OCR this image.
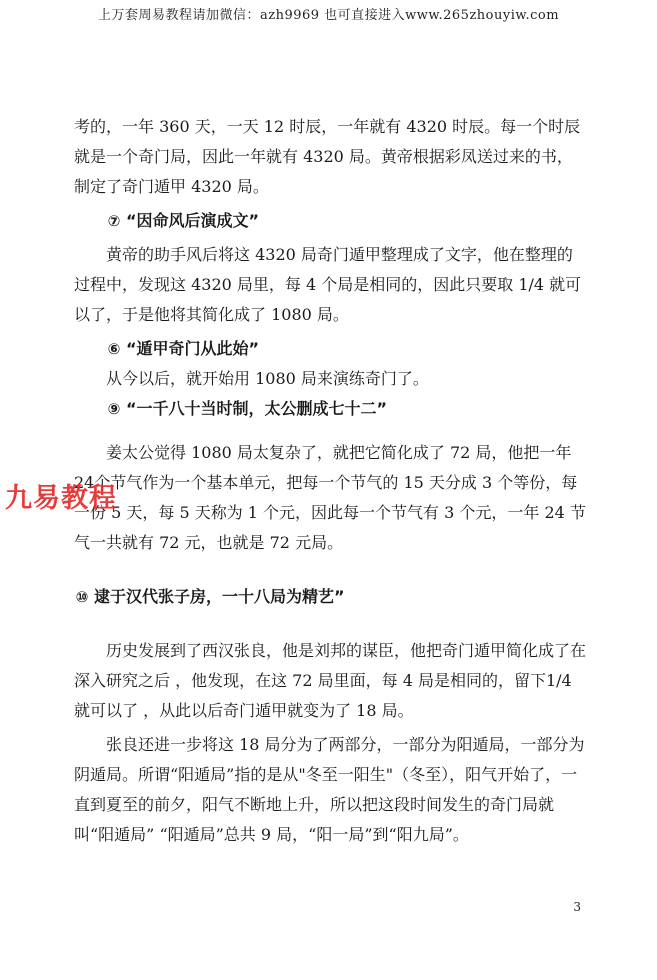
上万套周易教程请加微信：azh9969 也可直接进入www.265zhouyiw.com

考的，一年 360 天，一天 12 时辰，一年就有 4320 时辰。每一个时辰就是一个奇门局，因此一年就有 4320 局。黄帝根据彩凤送过来的书，制定了奇门遁甲 4320 局。

⑦ “因命风后演成文”

黄帝的助手风后将这 4320 局奇门遁甲整理成了文字，他在整理的过程中，发现这 4320 局里，每 4 个局是相同的，因此只要取 1/4 就可以了，于是他将其简化成了 1080 局。

⑥ “遁甲奇门从此始”

从今以后，就开始用 1080 局来演练奇门了。

⑨ “一千八十当时制，太公删成七十二”

姜太公觉得 1080 局太复杂了，就把它简化成了 72 局，他把一年 24个节气作为一个基本单元，把每一个节气的 15 天分成 3 个等份，每一份 5 天，每 5 天称为 1 个元，因此每一个节气有 3 个元，一年 24 节气一共就有 72 元，也就是 72 元局。

⑩ 逮于汉代张子房，一十八局为精艺”

历史发展到了西汉张良，他是刘邦的谋臣，他把奇门遁甲简化成了在深入研究之后 ，他发现，在这 72 局里面，每 4 局是相同的，留下1/4 就可以了 ，从此以后奇门遁甲就变为了 18 局。

张良还进一步将这 18 局分为了两部分，一部分为阳遁局，一部分为阴遁局。所谓“阳遁局”指的是从"冬至一阳生"（冬至），阳气开始了，一直到夏至的前夕，阳气不断地上升，所以把这段时间发生的奇门局就叫“阳遁局” “阳遁局”总共 9 局，“阳一局”到“阳九局”。

九易教程
3
